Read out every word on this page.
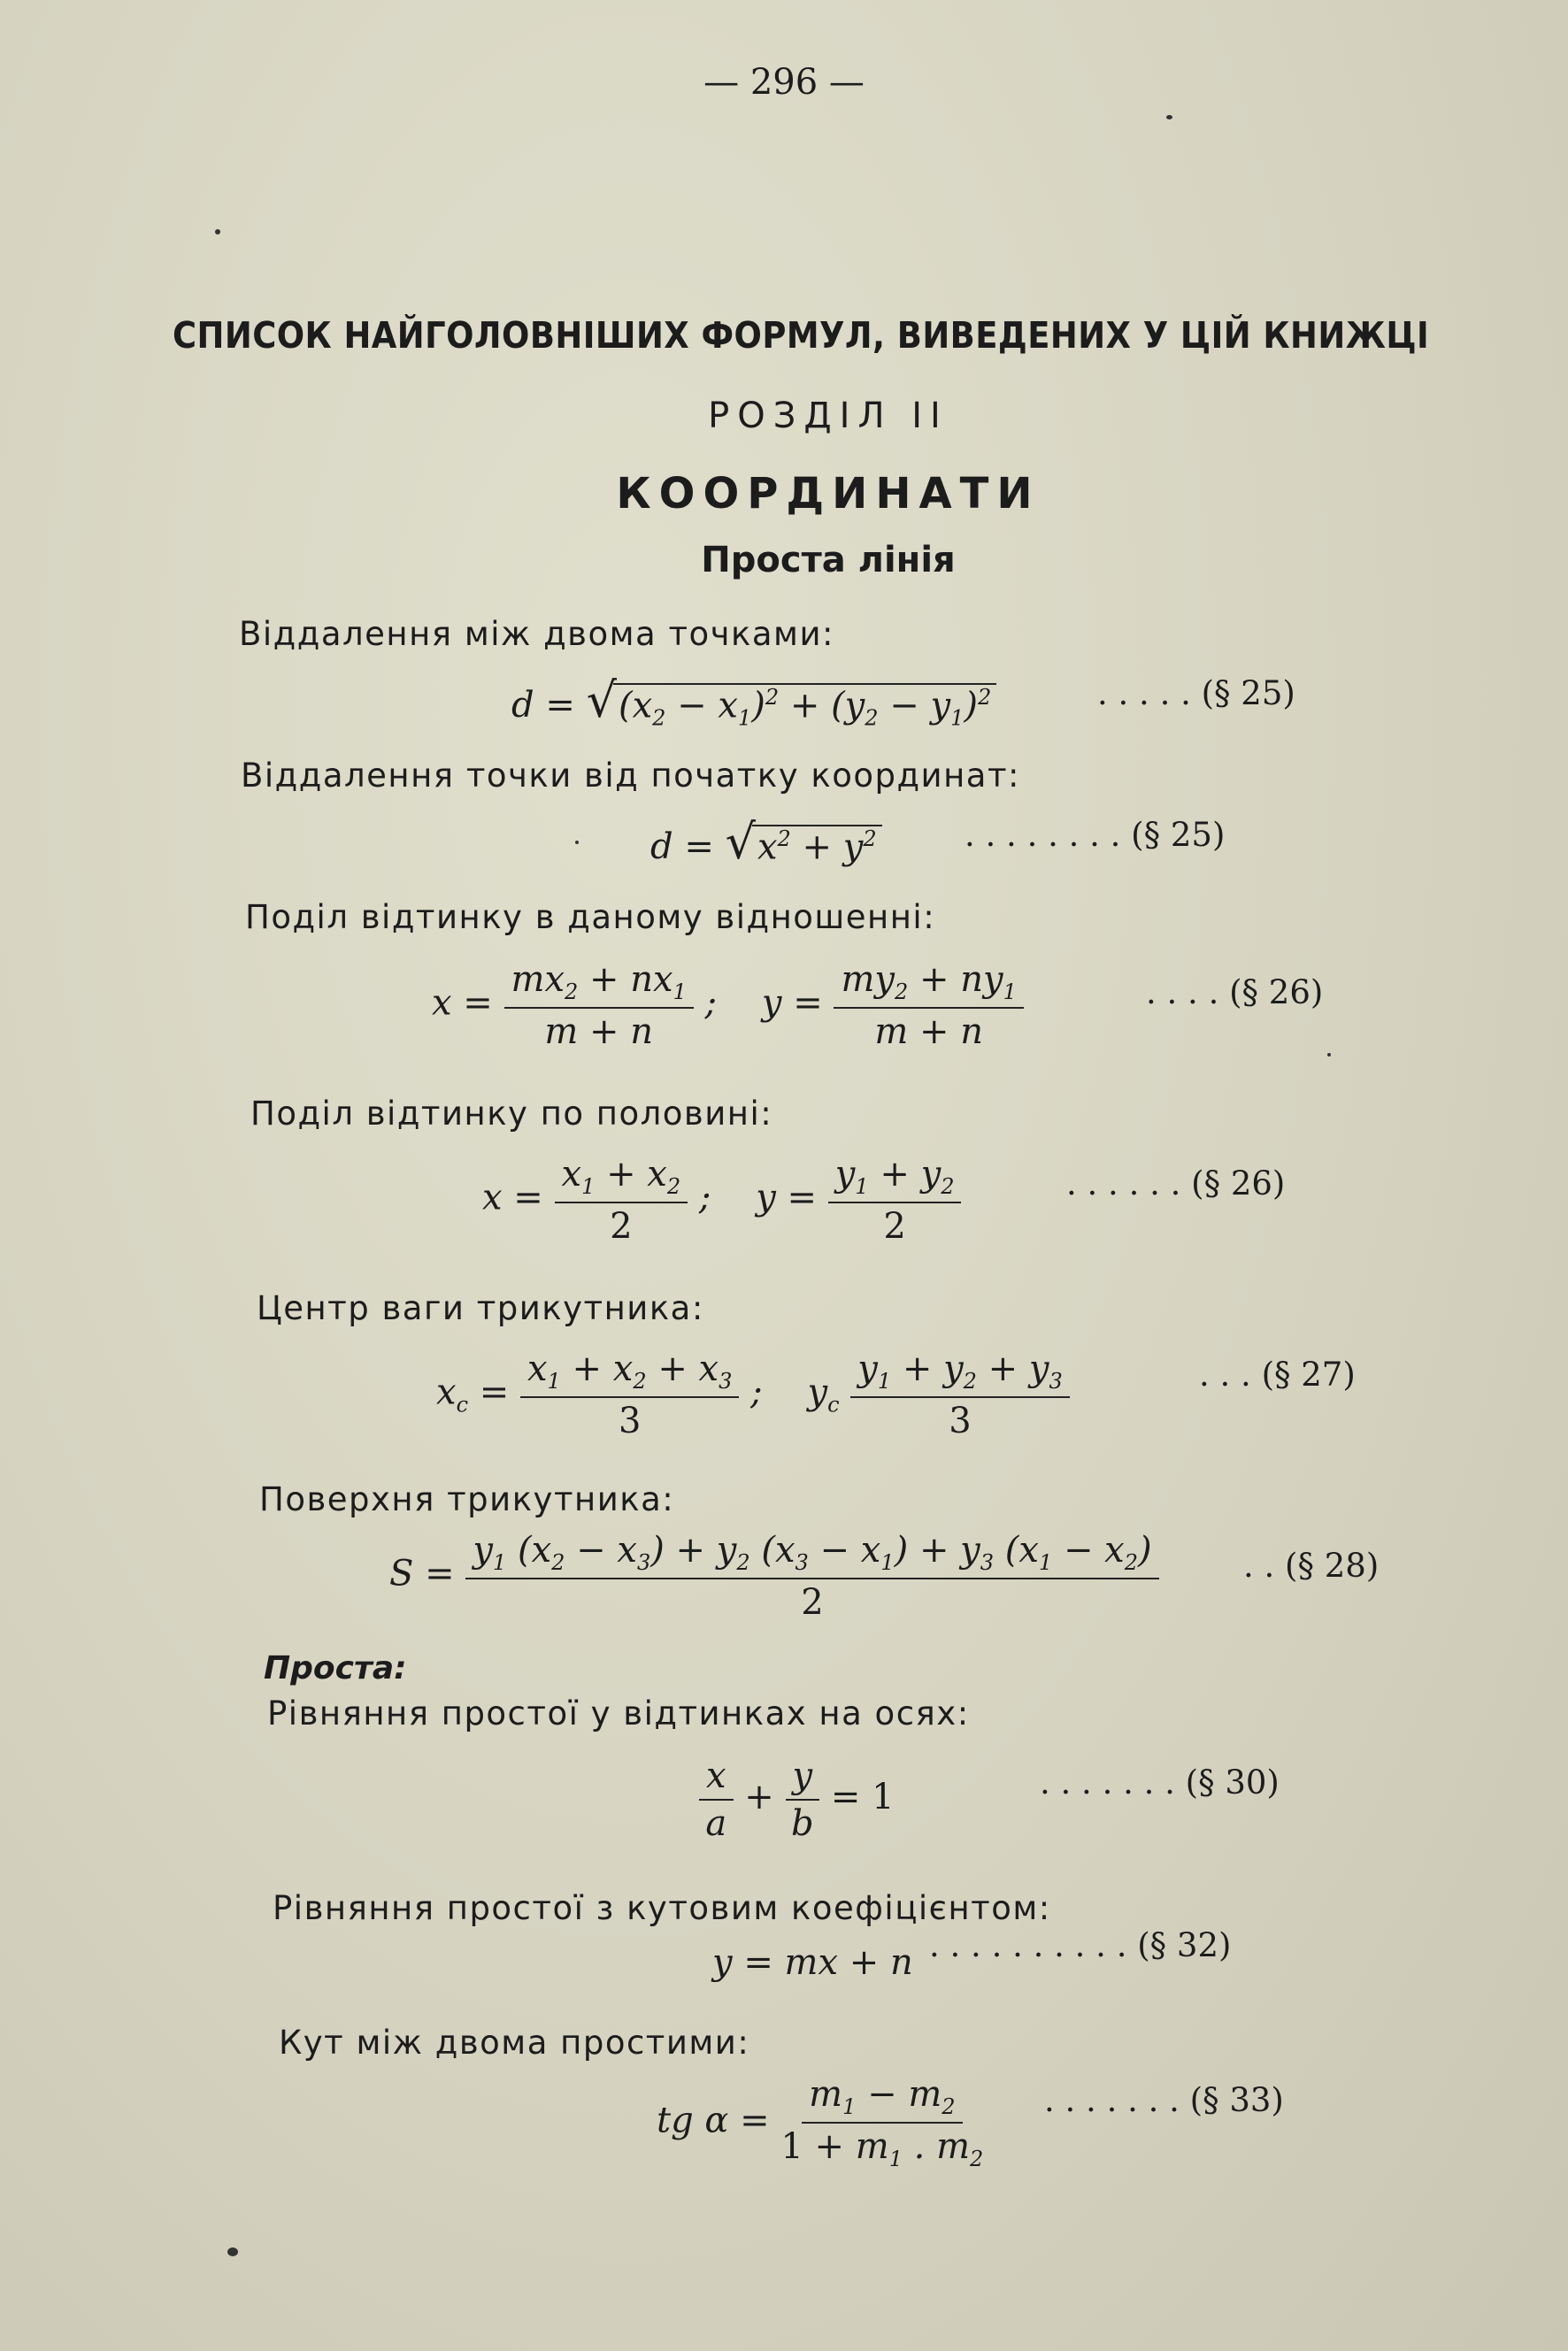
— 296 —
СПИСОК НАЙГОЛОВНІШИХ ФОРМУЛ, ВИВЕДЕНИХ У ЦІЙ КНИЖЦІ
РОЗДІЛ II
КООРДИНАТИ
Проста лінія
Віддалення між двома точками:
$d = √(x_2 - x_1)^2 + (y_2 - y_1)^2$	. . . . . (§ 25)
Віддалення точки від початку координат:
$d = √x^2 + y^2$	. . . . . . . . (§ 25)
Поділ відтинку в даному відношенні:
$x = \frac{mx_2 + nx_1}{m + n}$ ;    $y = \frac{my_2 + ny_1}{m + n}$	. . . . (§ 26)
Поділ відтинку по половині:
$x = \frac{x_1 + x_2}{2}$ ;    $y = \frac{y_1 + y_2}{2}$	. . . . . . (§ 26)
Центр ваги трикутника:
$x_c = \frac{x_1 + x_2 + x_3}{3}$ ;    $y_c \frac{y_1 + y_2 + y_3}{3}$	. . . (§ 27)
Поверхня трикутника:
$S = \frac{y_1 (x_2 - x_3) + y_2 (x_3 - x_1) + y_3 (x_1 - x_2)}{2}$	. . (§ 28)
Проста:
Рівняння простої у відтинках на осях:
$\frac{x}{a} + \frac{y}{b} = 1$	. . . . . . . (§ 30)
Рівняння простої з кутовим коефіцієнтом:
y = mx + n . . . . . . . . . . (§ 32)
Кут між двома простими:
tg $\alpha = \frac{m_1 - m_2}{1 + m_1 . m_2}$ . . . . . . . (§ 33)
